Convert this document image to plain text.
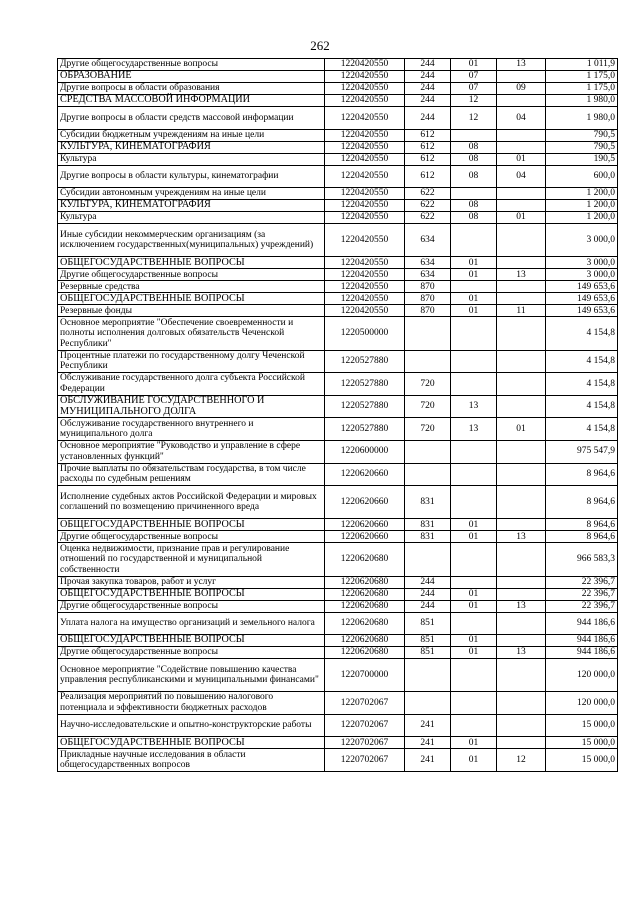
262
Другие общегосударственные вопросы	1220420550	244	01	13	1 011,9
ОБРАЗОВАНИЕ	1220420550	244	07		1 175,0
Другие вопросы в области образования	1220420550	244	07	09	1 175,0
СРЕДСТВА МАССОВОЙ ИНФОРМАЦИИ	1220420550	244	12		1 980,0
Другие вопросы в области средств массовой информации	1220420550	244	12	04	1 980,0
Субсидии бюджетным учреждениям на иные цели	1220420550	612			790,5
КУЛЬТУРА, КИНЕМАТОГРАФИЯ	1220420550	612	08		790,5
Культура	1220420550	612	08	01	190,5
Другие вопросы в области культуры, кинематографии	1220420550	612	08	04	600,0
Субсидии автономным учреждениям на иные цели	1220420550	622			1 200,0
КУЛЬТУРА, КИНЕМАТОГРАФИЯ	1220420550	622	08		1 200,0
Культура	1220420550	622	08	01	1 200,0
Иные субсидии некоммерческим организациям (за исключением государственных(муниципальных) учреждений)	1220420550	634			3 000,0
ОБЩЕГОСУДАРСТВЕННЫЕ ВОПРОСЫ	1220420550	634	01		3 000,0
Другие общегосударственные вопросы	1220420550	634	01	13	3 000,0
Резервные средства	1220420550	870			149 653,6
ОБЩЕГОСУДАРСТВЕННЫЕ ВОПРОСЫ	1220420550	870	01		149 653,6
Резервные фонды	1220420550	870	01	11	149 653,6
Основное мероприятие "Обеспечение своевременности и полноты исполнения долговых обязательств Чеченской Республики"	1220500000				4 154,8
Процентные платежи по государственному долгу Чеченской Республики	1220527880				4 154,8
Обслуживание государственного долга субъекта Российской Федерации	1220527880	720			4 154,8
ОБСЛУЖИВАНИЕ ГОСУДАРСТВЕННОГО И МУНИЦИПАЛЬНОГО ДОЛГА	1220527880	720	13		4 154,8
Обслуживание государственного внутреннего и муниципального долга	1220527880	720	13	01	4 154,8
Основное мероприятие "Руководство и управление в сфере установленных функций"	1220600000				975 547,9
Прочие выплаты по обязательствам государства, в том числе расходы по судебным решениям	1220620660				8 964,6
Исполнение судебных актов Российской Федерации и мировых соглашений по возмещению причиненного вреда	1220620660	831			8 964,6
ОБЩЕГОСУДАРСТВЕННЫЕ ВОПРОСЫ	1220620660	831	01		8 964,6
Другие общегосударственные вопросы	1220620660	831	01	13	8 964,6
Оценка недвижимости, признание прав и регулирование отношений по государственной и муниципальной собственности	1220620680				966 583,3
Прочая закупка товаров, работ и услуг	1220620680	244			22 396,7
ОБЩЕГОСУДАРСТВЕННЫЕ ВОПРОСЫ	1220620680	244	01		22 396,7
Другие общегосударственные вопросы	1220620680	244	01	13	22 396,7
Уплата налога на имущество организаций и земельного налога	1220620680	851			944 186,6
ОБЩЕГОСУДАРСТВЕННЫЕ ВОПРОСЫ	1220620680	851	01		944 186,6
Другие общегосударственные вопросы	1220620680	851	01	13	944 186,6
Основное мероприятие "Содействие повышению качества управления республиканскими и муниципальными финансами"	1220700000				120 000,0
Реализация мероприятий по повышению налогового потенциала и эффективности бюджетных расходов	1220702067				120 000,0
Научно-исследовательские и опытно-конструкторские работы	1220702067	241			15 000,0
ОБЩЕГОСУДАРСТВЕННЫЕ ВОПРОСЫ	1220702067	241	01		15 000,0
Прикладные научные исследования в области общегосударственных вопросов	1220702067	241	01	12	15 000,0
